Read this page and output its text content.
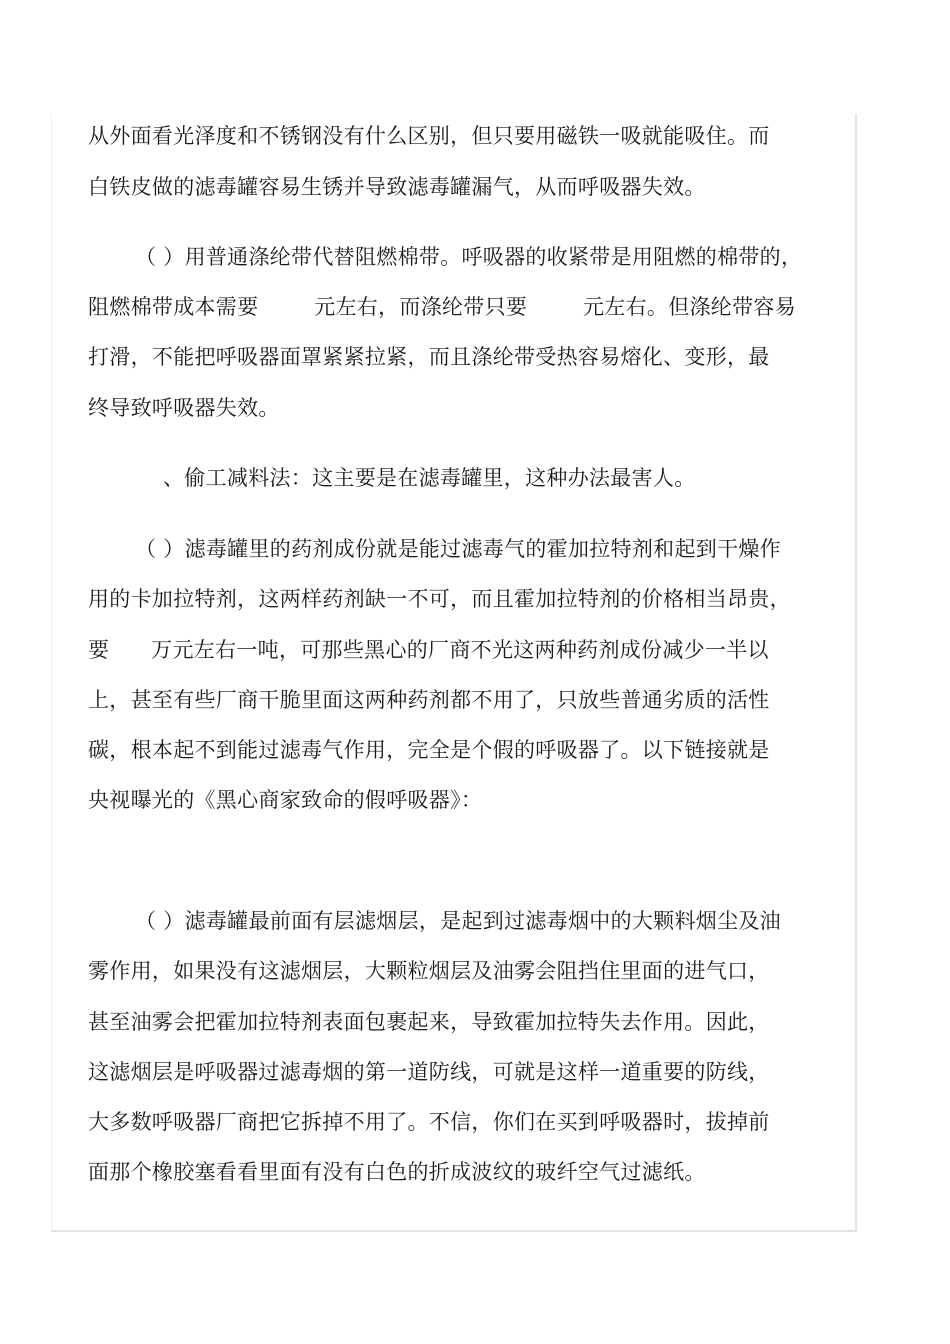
从外面看光泽度和不锈钢没有什么区别，但只要用磁铁一吸就能吸住。而
白铁皮做的滤毒罐容易生锈并导致滤毒罐漏气，从而呼吸器失效。
（ ）用普通涤纶带代替阻燃棉带。呼吸器的收紧带是用阻燃的棉带的，
阻燃棉带成本需要        元左右，而涤纶带只要        元左右。但涤纶带容易
打滑，不能把呼吸器面罩紧紧拉紧，而且涤纶带受热容易熔化、变形，最
终导致呼吸器失效。
、偷工减料法：这主要是在滤毒罐里，这种办法最害人。
（ ）滤毒罐里的药剂成份就是能过滤毒气的霍加拉特剂和起到干燥作
用的卡加拉特剂，这两样药剂缺一不可，而且霍加拉特剂的价格相当昂贵，
要      万元左右一吨，可那些黑心的厂商不光这两种药剂成份减少一半以
上，甚至有些厂商干脆里面这两种药剂都不用了，只放些普通劣质的活性
碳，根本起不到能过滤毒气作用，完全是个假的呼吸器了。以下链接就是
央视曝光的《黑心商家致命的假呼吸器》：
（ ）滤毒罐最前面有层滤烟层，是起到过滤毒烟中的大颗料烟尘及油
雾作用，如果没有这滤烟层，大颗粒烟层及油雾会阻挡住里面的进气口，
甚至油雾会把霍加拉特剂表面包裹起来，导致霍加拉特失去作用。因此，
这滤烟层是呼吸器过滤毒烟的第一道防线，可就是这样一道重要的防线，
大多数呼吸器厂商把它拆掉不用了。不信，你们在买到呼吸器时，拔掉前
面那个橡胶塞看看里面有没有白色的折成波纹的玻纤空气过滤纸。
